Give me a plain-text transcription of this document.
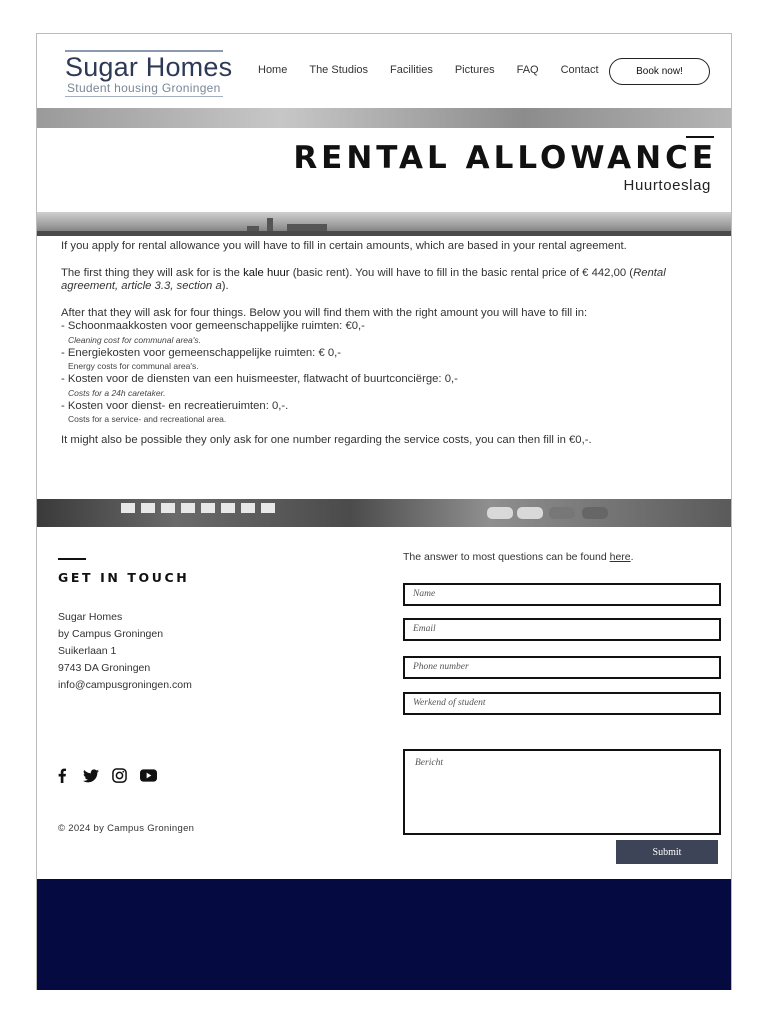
Sugar Homes
Student housing Groningen
Home The Studios Facilities Pictures FAQ Contact	Book now!
RENTAL ALLOWANCE
Huurtoeslag

If you apply for rental allowance you will have to fill in certain amounts, which are based in your rental agreement.

The first thing they will ask for is the kale huur (basic rent). You will have to fill in the basic rental price of € 442,00 (Rental agreement, article 3.3, section a).

After that they will ask for four things. Below you will find them with the right amount you will have to fill in:

- Schoonmaakkosten voor gemeenschappelijke ruimten: €0,-

Cleaning cost for communal area's.

- Energiekosten voor gemeenschappelijke ruimten: € 0,-

Energy costs for communal area's.

- Kosten voor de diensten van een huismeester, flatwacht of buurtconciërge: 0,-

Costs for a 24h caretaker.

- Kosten voor dienst- en recreatieruimten: 0,-.

Costs for a service- and recreational area.

It might also be possible they only ask for one number regarding the service costs, you can then fill in €0,-.

GET IN TOUCH
Sugar Homes
by Campus Groningen
Suikerlaan 1
9743 DA Groningen
info@campusgroningen.com
© 2024 by Campus Groningen
The answer to most questions can be found here.
Name
Email
Phone number
Werkend of student
Bericht
Submit
